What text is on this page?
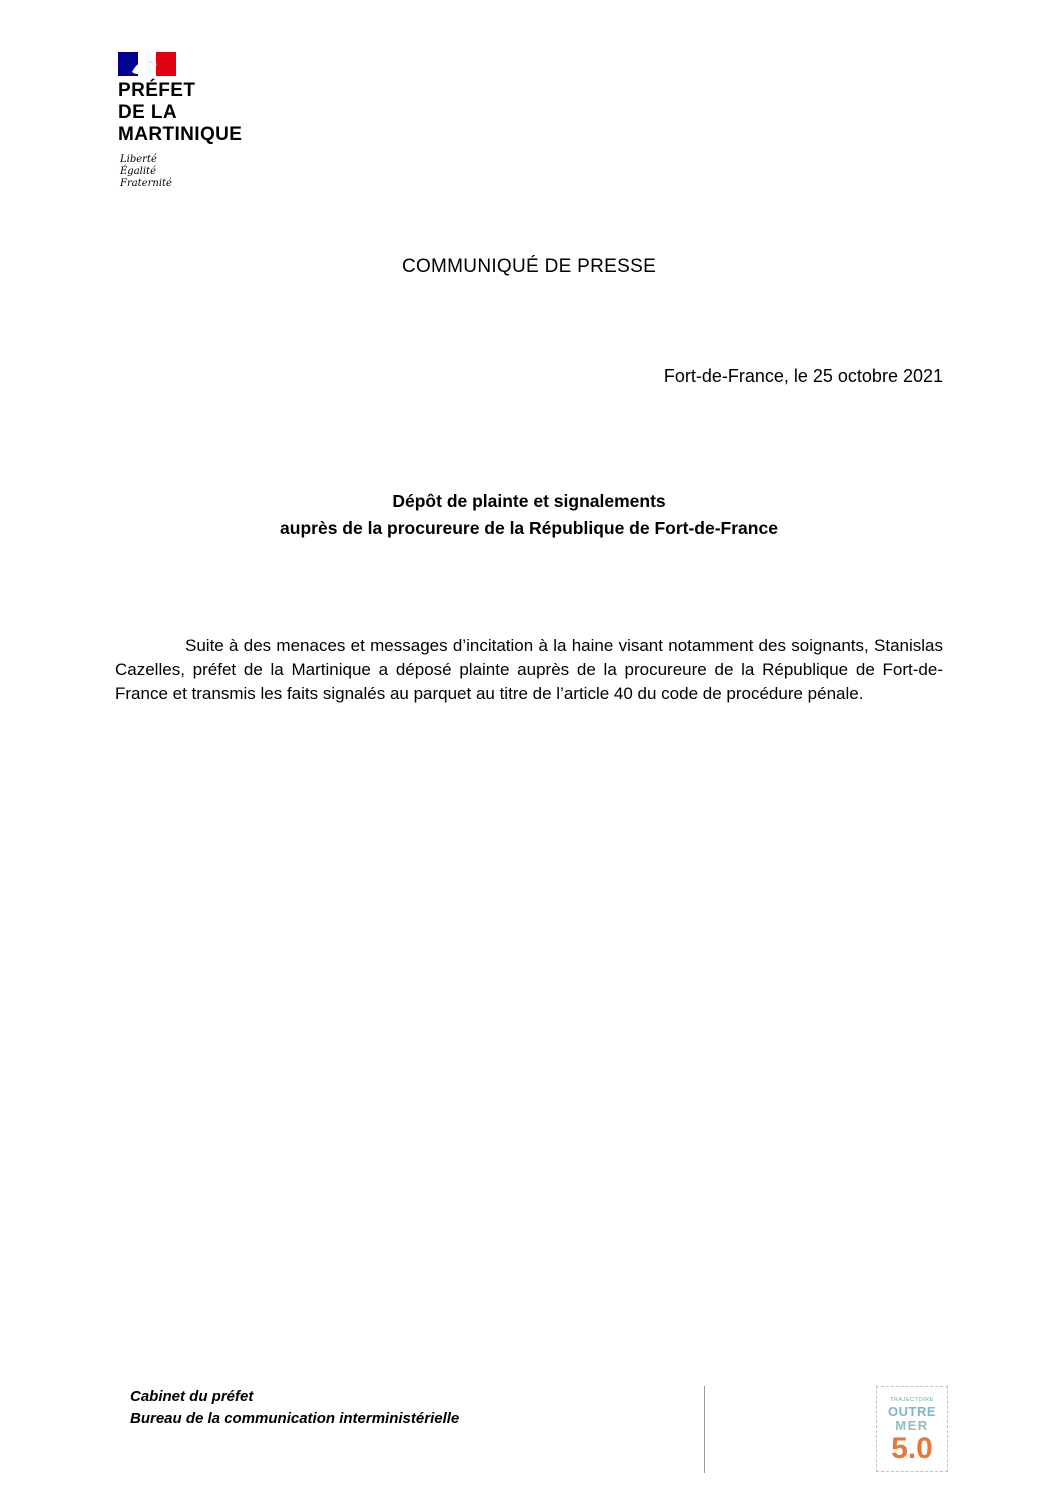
PRÉFET
DE LA
MARTINIQUE
Liberté
Égalité
Fraternité
COMMUNIQUÉ DE PRESSE
Fort-de-France, le 25 octobre 2021
Dépôt de plainte et signalements
auprès de la procureure de la République de Fort-de-France

Suite à des menaces et messages d’incitation à la haine visant notamment des soignants, Stanislas Cazelles, préfet de la Martinique a déposé plainte auprès de la procureure de la République de Fort-de-France et transmis les faits signalés au parquet au titre de l’article 40 du code de procédure pénale.

Cabinet du préfet
Bureau de la communication interministérielle
TRAJECTOIRE
OUTRE
MER
5.0
